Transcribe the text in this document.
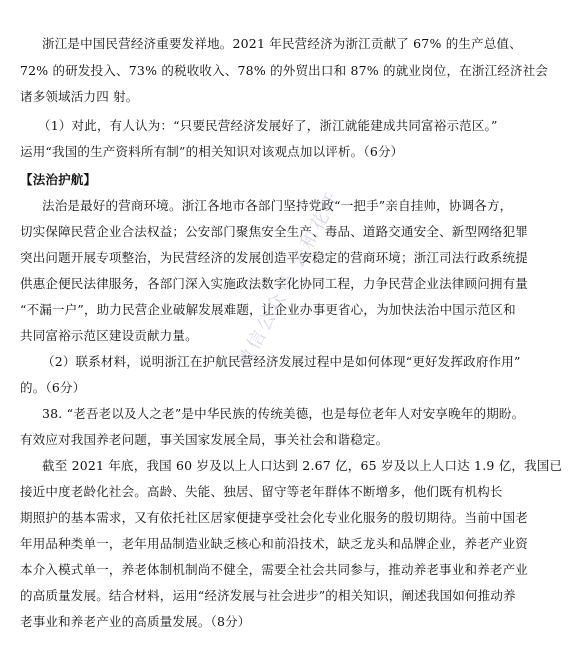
浙江是中国民营经济重要发祥地。2021 年民营经济为浙江贡献了 67% 的生产总值、
72% 的研发投入、73% 的税收收入、78% 的外贸出口和 87% 的就业岗位，在浙江经济社会
诸多领域活力四 射。
（1）对此，有人认为：“只要民营经济发展好了，浙江就能建成共同富裕示范区。”
运用“我国的生产资料所有制”的相关知识对该观点加以评析。（6分）
【法治护航】
法治是最好的营商环境。浙江各地市各部门坚持党政“一把手”亲自挂帅，协调各方，
切实保障民营企业合法权益；公安部门聚焦安全生产、毒品、道路交通安全、新型网络犯罪
突出问题开展专项整治，为民营经济的发展创造平安稳定的营商环境；浙江司法行政系统提
供惠企便民法律服务，各部门深入实施政法数字化协同工程，力争民营企业法律顾问拥有量
“不漏一户”，助力民营企业破解发展难题，让企业办事更省心，为加快法治中国示范区和
共同富裕示范区建设贡献力量。
（2）联系材料，说明浙江在护航民营经济发展过程中是如何体现“更好发挥政府作用”
的。（6分）
38. “老吾老以及人之老”是中华民族的传统美德，也是每位老年人对安享晚年的期盼。
有效应对我国养老问题，事关国家发展全局，事关社会和谐稳定。
截至 2021 年底，我国 60 岁及以上人口达到 2.67 亿，65 岁及以上人口达 1.9 亿，我国已
接近中度老龄化社会。高龄、失能、独居、留守等老年群体不断增多，他们既有机构长
期照护的基本需求，又有依托社区居家便捷享受社会化专业化服务的殷切期待。当前中国老
年用品种类单一，老年用品制造业缺乏核心和前沿技术，缺乏龙头和品牌企业，养老产业资
本介入模式单一，养老体制机制尚不健全，需要全社会共同参与，推动养老事业和养老产业
的高质量发展。结合材料，运用“经济发展与社会进步”的相关知识，阐述我国如何推动养
老事业和养老产业的高质量发展。（8分）
微信公众号 云和花开
